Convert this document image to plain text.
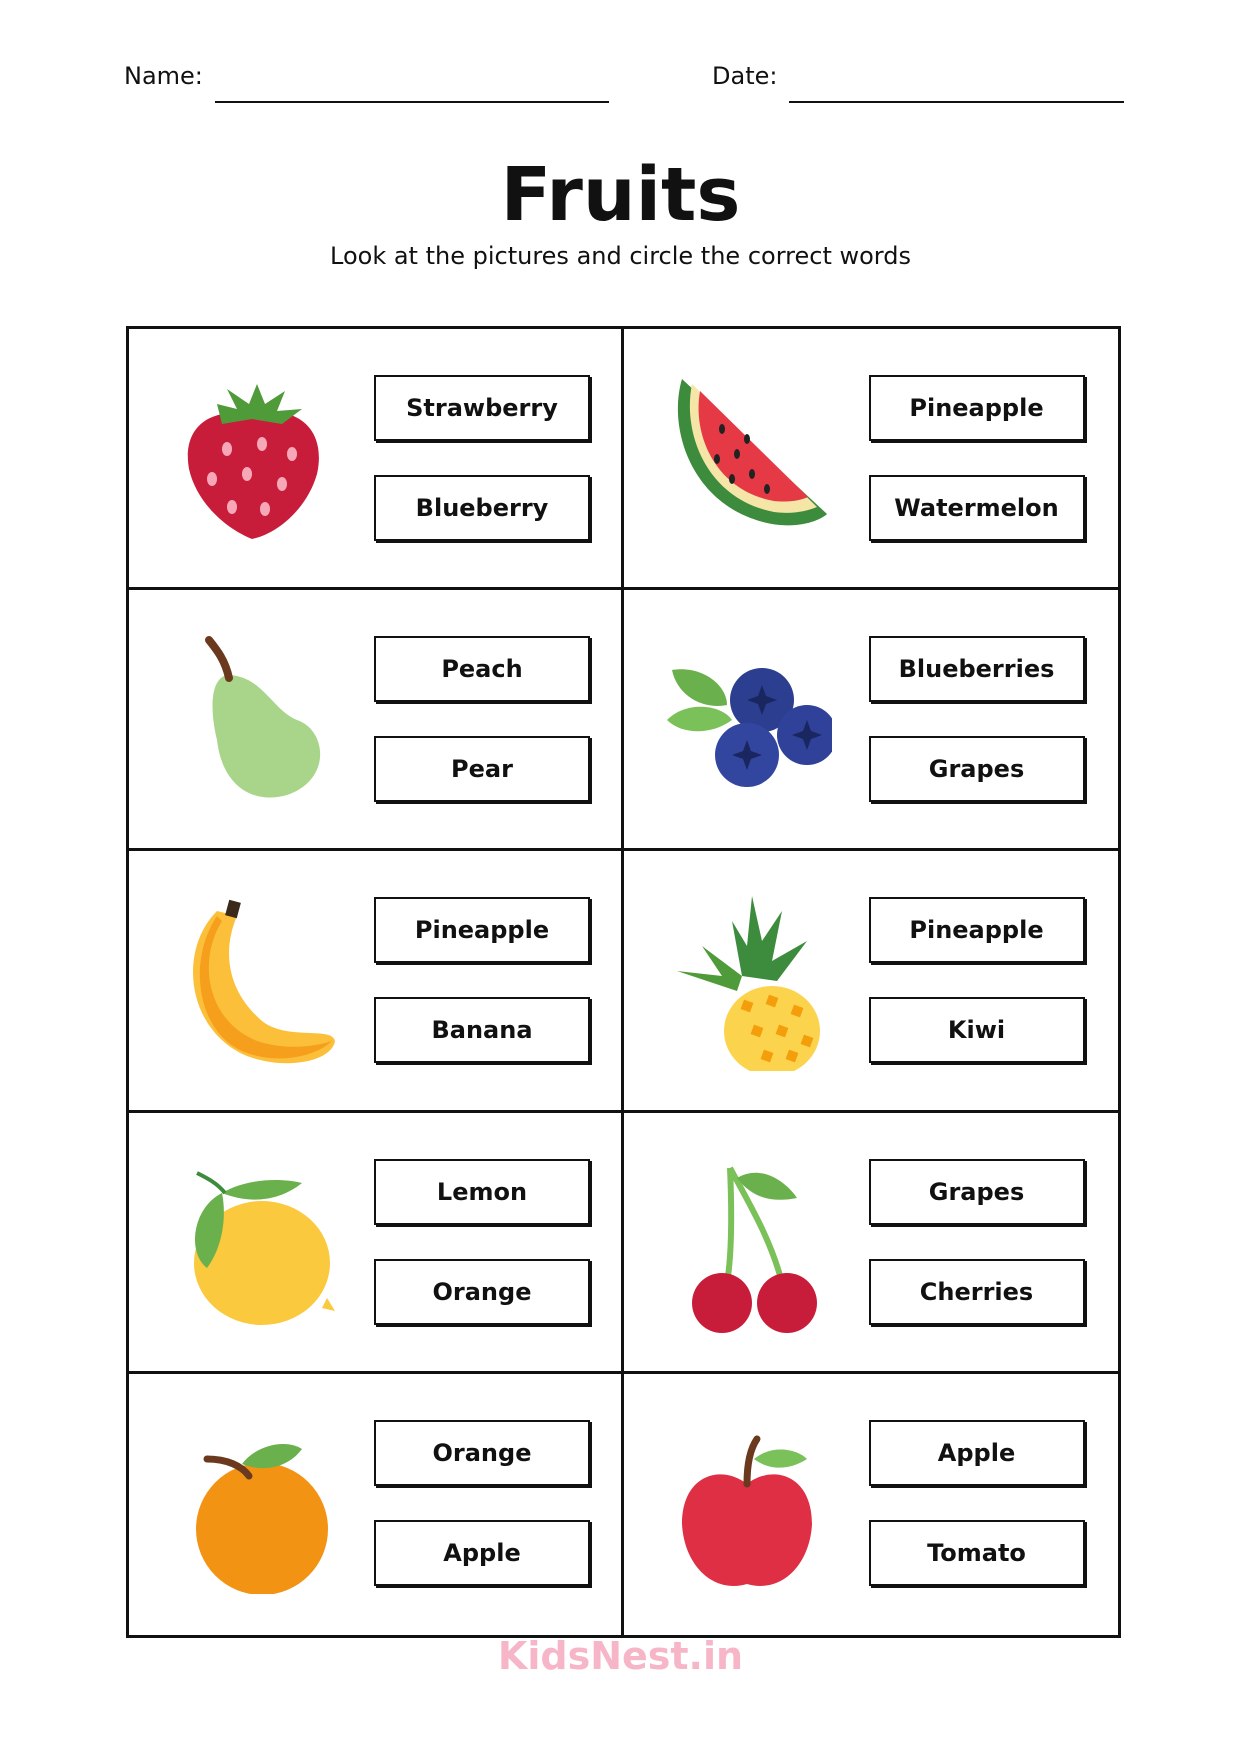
Name:	Date:
Fruits
Look at the pictures and circle the correct words
Strawberry
Blueberry
Pineapple
Watermelon
Peach
Pear
Blueberries
Grapes
Pineapple
Banana
Pineapple
Kiwi
Lemon
Orange
Grapes
Cherries
Orange
Apple
Apple
Tomato
KidsNest.in
